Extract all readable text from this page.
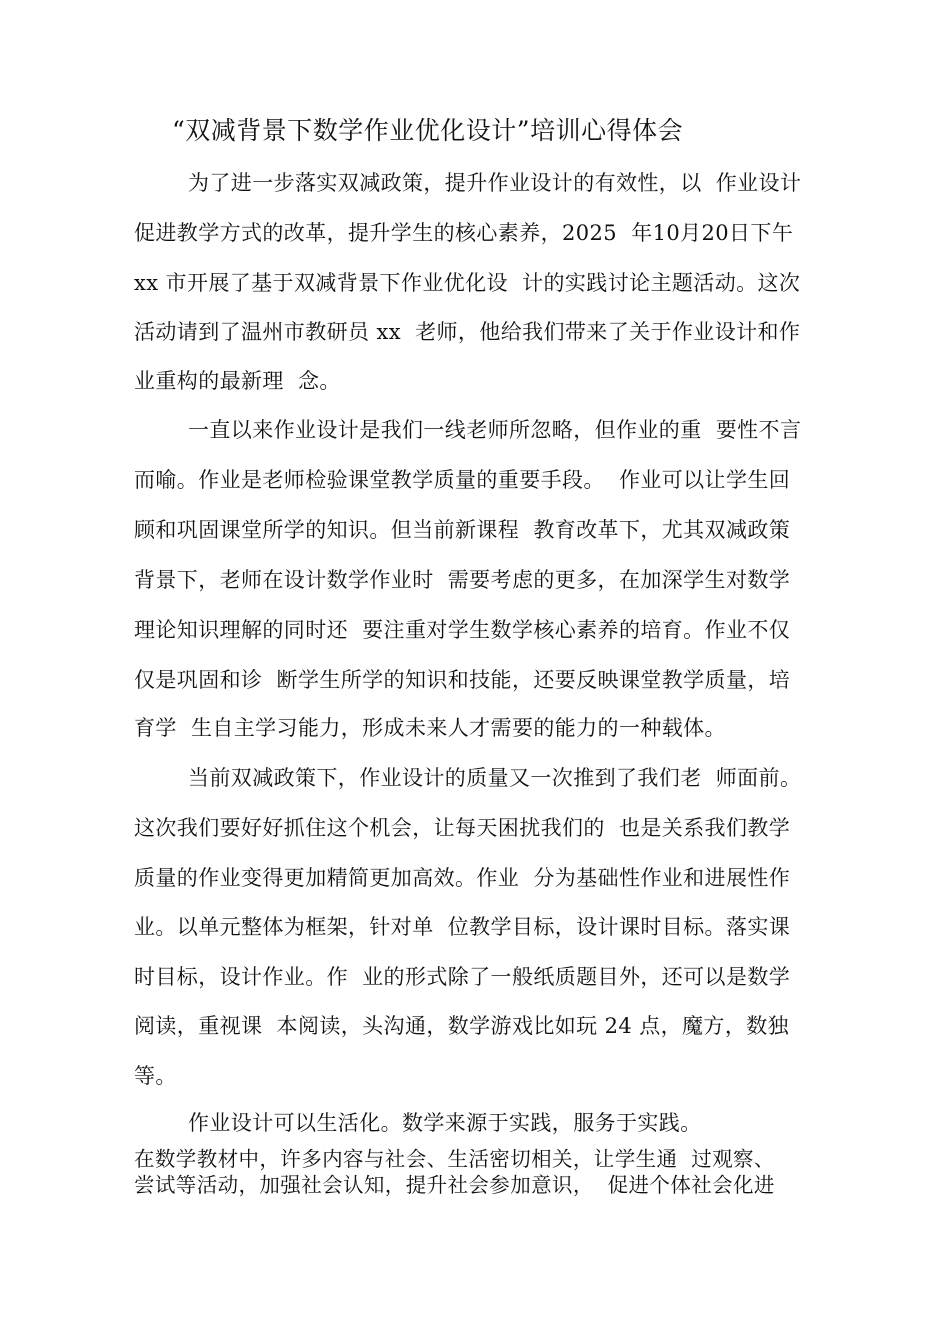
“双减背景下数学作业优化设计”培训心得体会
为了进一步落实双减政策，提升作业设计的有效性，以  作业设计
促进教学方式的改革，提升学生的核心素养，2025  年10月20日下午
xx 市开展了基于双减背景下作业优化设  计的实践讨论主题活动。这次
活动请到了温州市教研员 xx  老师，他给我们带来了关于作业设计和作
业重构的最新理  念。
一直以来作业设计是我们一线老师所忽略，但作业的重  要性不言
而喻。作业是老师检验课堂教学质量的重要手段。  作业可以让学生回
顾和巩固课堂所学的知识。但当前新课程  教育改革下，尤其双减政策
背景下，老师在设计数学作业时  需要考虑的更多，在加深学生对数学
理论知识理解的同时还  要注重对学生数学核心素养的培育。作业不仅
仅是巩固和诊  断学生所学的知识和技能，还要反映课堂教学质量，培
育学  生自主学习能力，形成未来人才需要的能力的一种载体。
当前双减政策下，作业设计的质量又一次推到了我们老  师面前。
这次我们要好好抓住这个机会，让每天困扰我们的  也是关系我们教学
质量的作业变得更加精简更加高效。作业  分为基础性作业和进展性作
业。以单元整体为框架，针对单  位教学目标，设计课时目标。落实课
时目标，设计作业。作  业的形式除了一般纸质题目外，还可以是数学
阅读，重视课  本阅读，头沟通，数学游戏比如玩 24 点，魔方，数独
等。
作业设计可以生活化。数学来源于实践，服务于实践。
在数学教材中，许多内容与社会、生活密切相关，让学生通  过观察、
尝试等活动，加强社会认知，提升社会参加意识，  促进个体社会化进
